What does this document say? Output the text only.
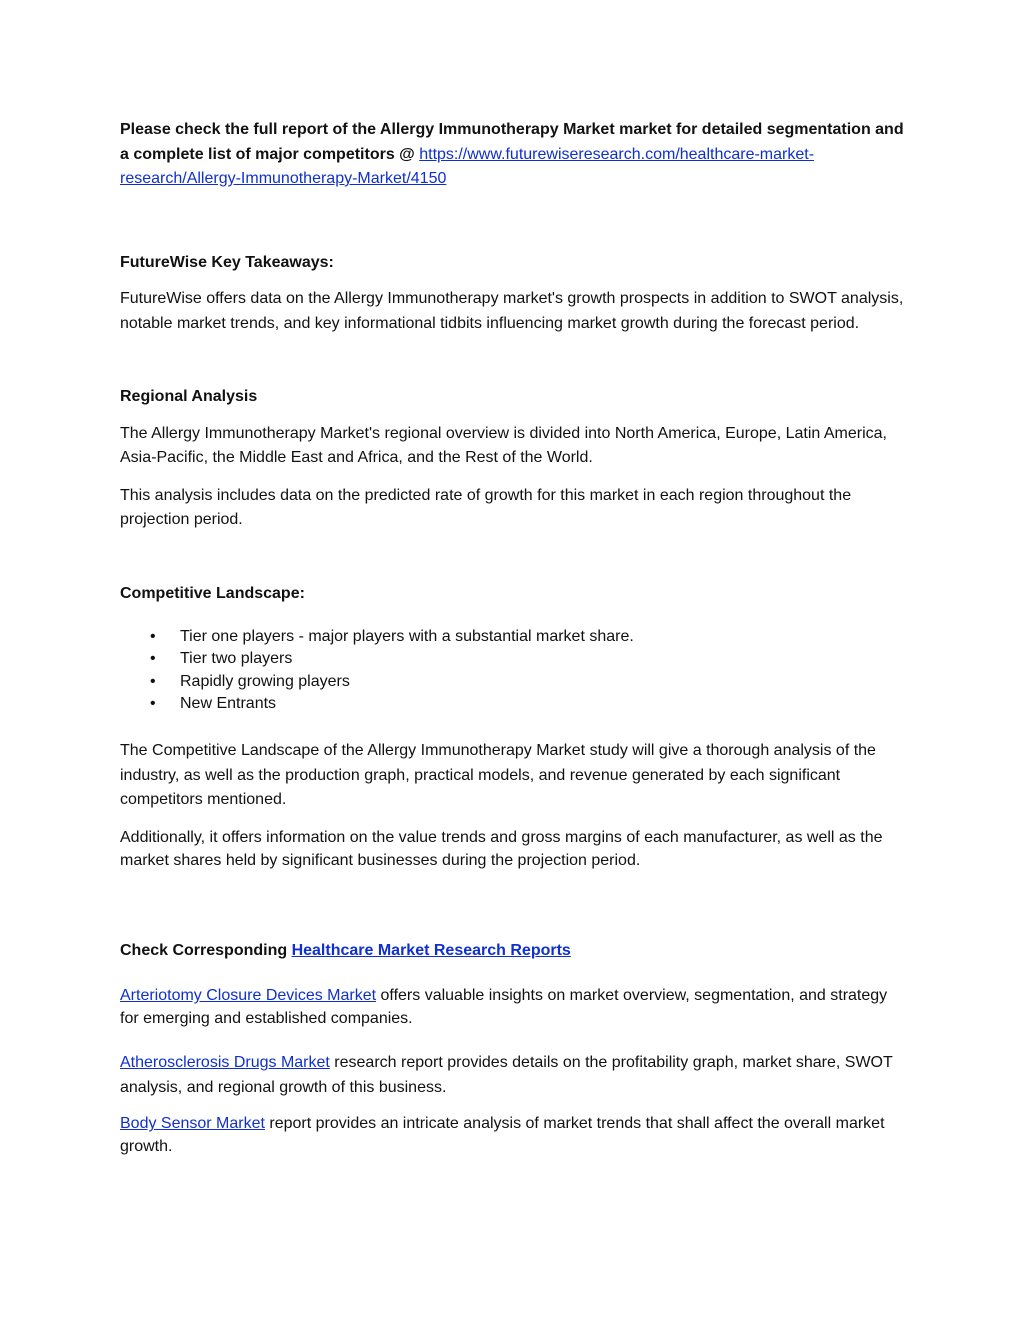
Please check the full report of the Allergy Immunotherapy Market market for detailed segmentation and a complete list of major competitors @ https://www.futurewiseresearch.com/healthcare-market-research/Allergy-Immunotherapy-Market/4150

FutureWise Key Takeaways:

FutureWise offers data on the Allergy Immunotherapy market's growth prospects in addition to SWOT analysis, notable market trends, and key informational tidbits influencing market growth during the forecast period.

Regional Analysis

The Allergy Immunotherapy Market's regional overview is divided into North America, Europe, Latin America, Asia-Pacific, the Middle East and Africa, and the Rest of the World.

This analysis includes data on the predicted rate of growth for this market in each region throughout the projection period.

Competitive Landscape:

• Tier one players - major players with a substantial market share.
• Tier two players
• Rapidly growing players
• New Entrants

The Competitive Landscape of the Allergy Immunotherapy Market study will give a thorough analysis of the industry, as well as the production graph, practical models, and revenue generated by each significant competitors mentioned.

Additionally, it offers information on the value trends and gross margins of each manufacturer, as well as the market shares held by significant businesses during the projection period.

Check Corresponding Healthcare Market Research Reports

Arteriotomy Closure Devices Market offers valuable insights on market overview, segmentation, and strategy for emerging and established companies.

Atherosclerosis Drugs Market research report provides details on the profitability graph, market share, SWOT analysis, and regional growth of this business.

Body Sensor Market report provides an intricate analysis of market trends that shall affect the overall market growth.
